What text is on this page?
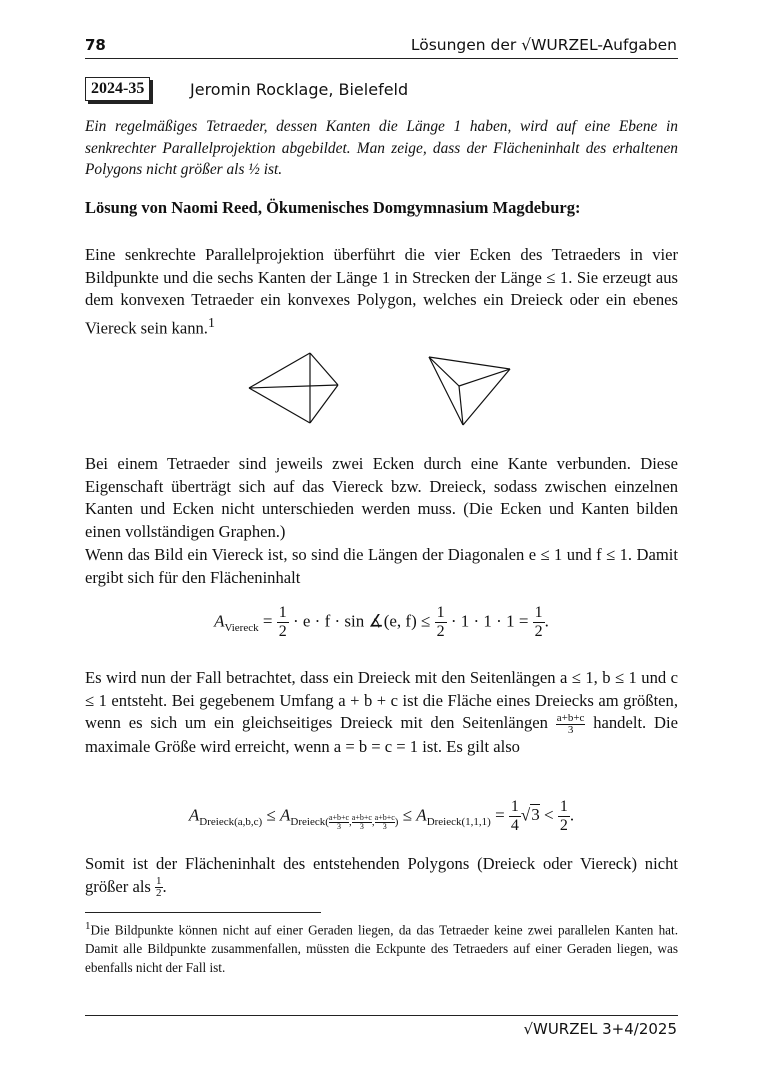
78	Lösungen der √WURZEL-Aufgaben
2024-35	Jeromin Rocklage, Bielefeld
Ein regelmäßiges Tetraeder, dessen Kanten die Länge 1 haben, wird auf eine Ebene in senkrechter Parallelprojektion abgebildet. Man zeige, dass der Flächeninhalt des erhaltenen Polygons nicht größer als ½ ist.
Lösung von Naomi Reed, Ökumenisches Domgymnasium Magdeburg:
Eine senkrechte Parallelprojektion überführt die vier Ecken des Tetraeders in vier Bildpunkte und die sechs Kanten der Länge 1 in Strecken der Länge ≤ 1. Sie erzeugt aus dem konvexen Tetraeder ein konvexes Polygon, welches ein Dreieck oder ein ebenes Viereck sein kann.$^1$
Bei einem Tetraeder sind jeweils zwei Ecken durch eine Kante verbunden. Diese Eigenschaft überträgt sich auf das Viereck bzw. Dreieck, sodass zwischen einzelnen Kanten und Ecken nicht unterschieden werden muss. (Die Ecken und Kanten bilden einen vollständigen Graphen.)
Wenn das Bild ein Viereck ist, so sind die Längen der Diagonalen e ≤ 1 und f ≤ 1. Damit ergibt sich für den Flächeninhalt
$A_{Viereck} = \frac{1}{2} \cdot e \cdot f \cdot \sin$ ∡(e, $f) \le \frac{1}{2} \cdot 1 \cdot 1 \cdot 1 = \frac{1}{2}$ .
Es wird nun der Fall betrachtet, dass ein Dreieck mit den Seitenlängen a ≤ 1, b ≤ 1 und c ≤ 1 entsteht. Bei gegebenem Umfang a + b + c ist die Fläche eines Dreiecks am größten, wenn es sich um ein gleichseitiges Dreieck mit den Seitenlängen $\frac{a+b+c}{3}$ handelt. Die maximale Größe wird erreicht, wenn a = b = c = 1 ist. Es gilt also
$A_{Dreieck(a,b,c)} \le A_{Dreieck( \frac{a+b+c}{3} , \frac{a+b+c}{3} , \frac{a+b+c}{3} )} \le A_{Dreieck(1,1,1)} = \frac{1}{4} √3 < \frac{1}{2}$ .
Somit ist der Flächeninhalt des entstehenden Polygons (Dreieck oder Viereck) nicht größer als $\frac{1}{2}$ .
$^1$Die Bildpunkte können nicht auf einer Geraden liegen, da das Tetraeder keine zwei parallelen Kanten hat. Damit alle Bildpunkte zusammenfallen, müssten die Eckpunte des Tetraeders auf einer Geraden liegen, was ebenfalls nicht der Fall ist.
√WURZEL 3+4/2025
